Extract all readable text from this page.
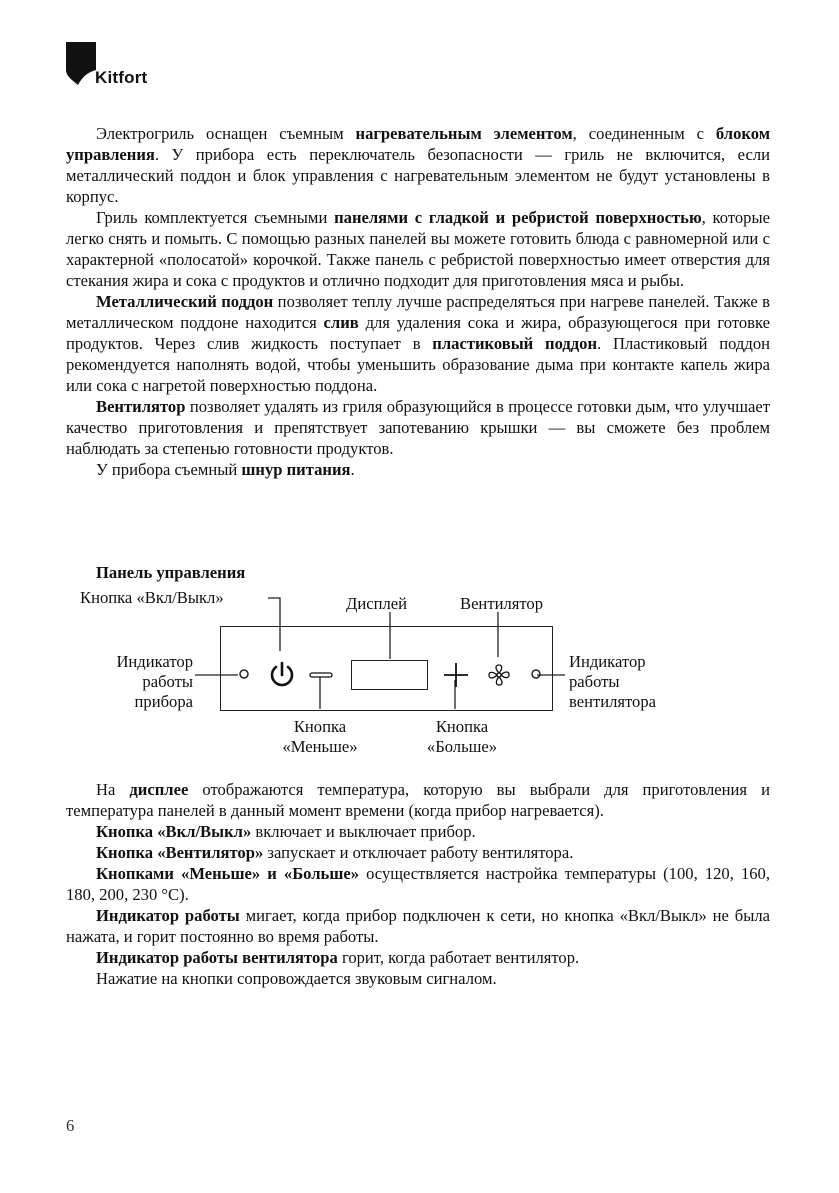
Kitfort

Электрогриль оснащен съемным нагревательным элементом, соединенным с блоком управления. У прибора есть переключатель безопасности — гриль не включится, если металлический поддон и блок управления с нагревательным элементом не будут установлены в корпус.

Гриль комплектуется съемными панелями с гладкой и ребристой поверхностью, которые легко снять и помыть. С помощью разных панелей вы можете готовить блюда с равномерной или с характерной «полосатой» корочкой. Также панель с ребристой поверхностью имеет отверстия для стекания жира и сока с продуктов и отлично подходит для приготовления мяса и рыбы.

Металлический поддон позволяет теплу лучше распределяться при нагреве панелей. Также в металлическом поддоне находится слив для удаления сока и жира, образующегося при готовке продуктов. Через слив жидкость поступает в пластиковый поддон. Пластиковый поддон рекомендуется наполнять водой, чтобы уменьшить образование дыма при контакте капель жира или сока с нагретой поверхностью поддона.

Вентилятор позволяет удалять из гриля образующийся в процессе готовки дым, что улучшает качество приготовления и препятствует запотеванию крышки — вы сможете без проблем наблюдать за степенью готовности продуктов.

У прибора съемный шнур питания.

Панель управления
Кнопка «Вкл/Выкл»	Дисплей	Вентилятор
Индикатор
работы
прибора
Индикатор
работы
вентилятора
Кнопка
«Меньше»
Кнопка
«Больше»

На дисплее отображаются температура, которую вы выбрали для приготовления и температура панелей в данный момент времени (когда прибор нагревается).

Кнопка «Вкл/Выкл» включает и выключает прибор.

Кнопка «Вентилятор» запускает и отключает работу вентилятора.

Кнопками «Меньше» и «Больше» осуществляется настройка температуры (100, 120, 160, 180, 200, 230 °C).

Индикатор работы мигает, когда прибор подключен к сети, но кнопка «Вкл/Выкл» не была нажата, и горит постоянно во время работы.

Индикатор работы вентилятора горит, когда работает вентилятор.

Нажатие на кнопки сопровождается звуковым сигналом.

6
